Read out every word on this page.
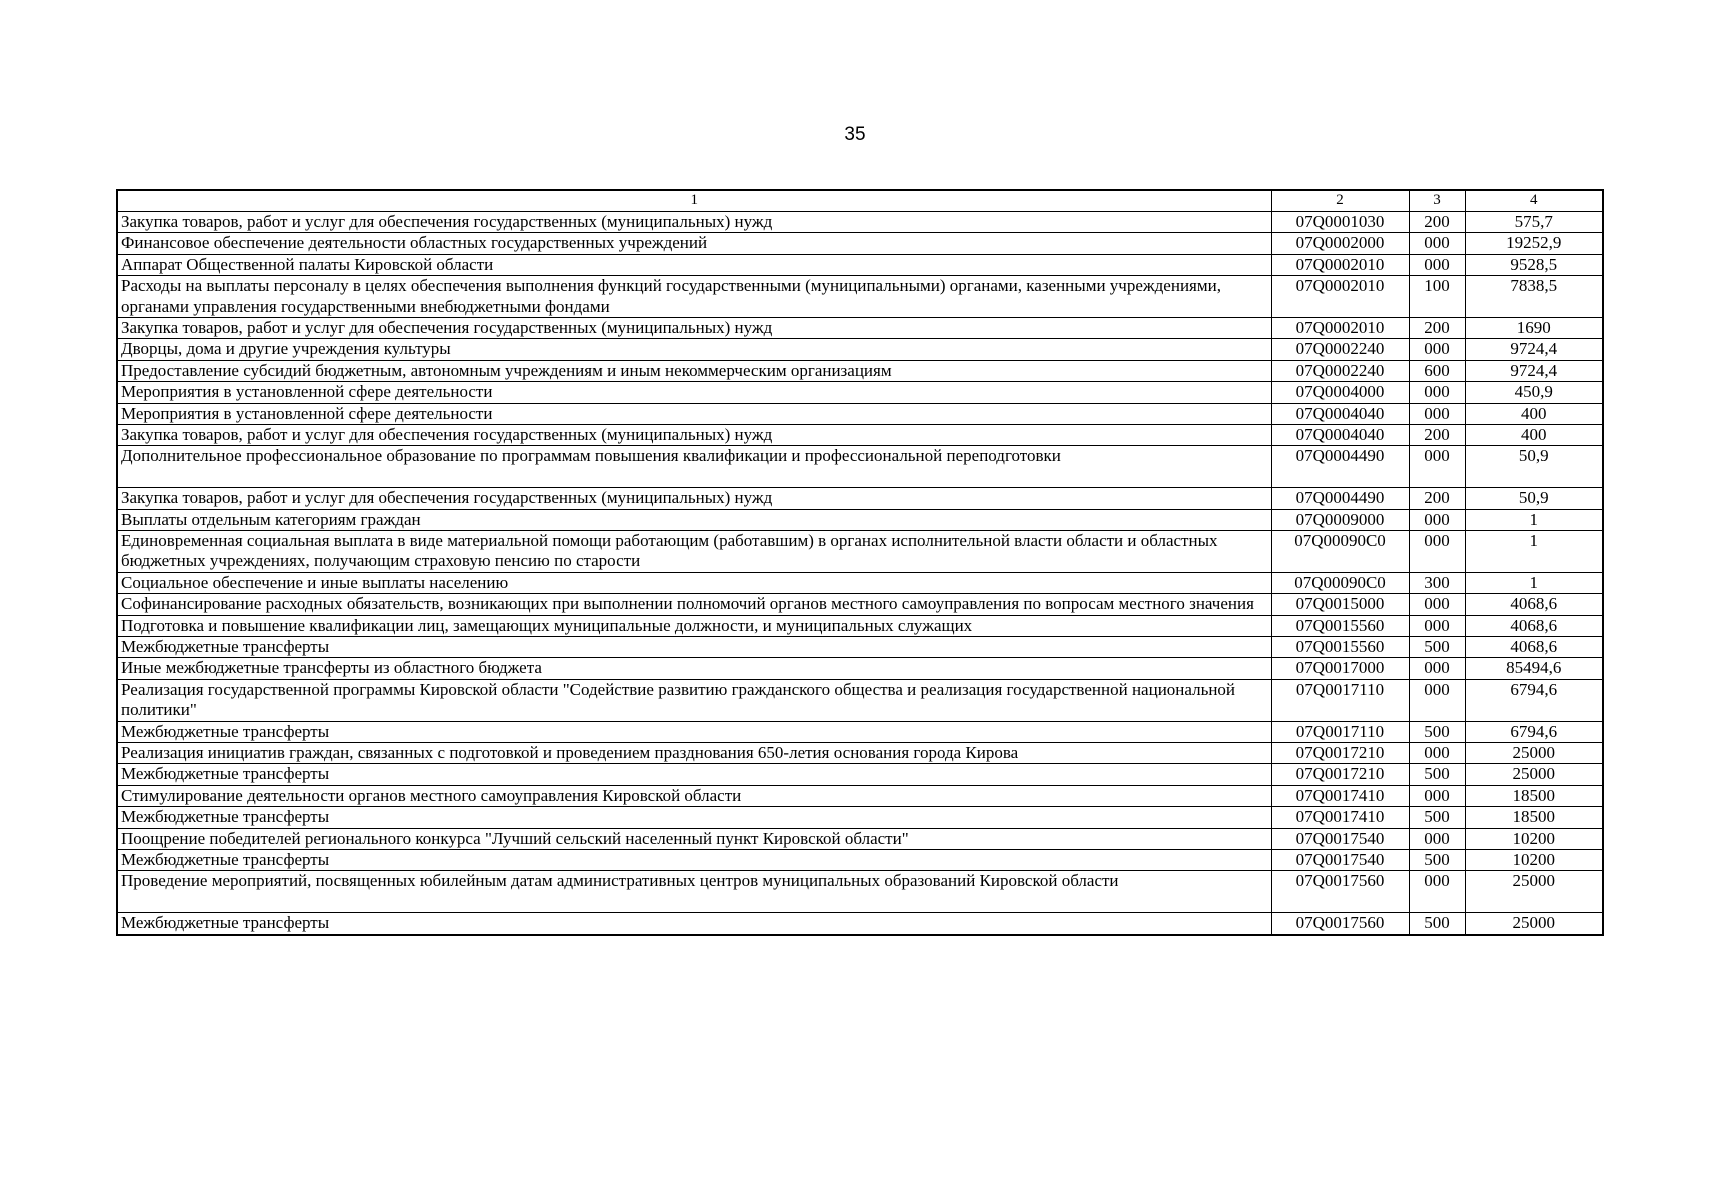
35
1	2	3	4
Закупка товаров, работ и услуг для обеспечения государственных (муниципальных) нужд	07Q0001030	200	575,7
Финансовое обеспечение деятельности областных государственных учреждений	07Q0002000	000	19252,9
Аппарат Общественной палаты Кировской области	07Q0002010	000	9528,5
Расходы на выплаты персоналу в целях обеспечения выполнения функций государственными (муниципальными) органами, казенными учреждениями, органами управления государственными внебюджетными фондами	07Q0002010	100	7838,5
Закупка товаров, работ и услуг для обеспечения государственных (муниципальных) нужд	07Q0002010	200	1690
Дворцы, дома и другие учреждения культуры	07Q0002240	000	9724,4
Предоставление субсидий бюджетным, автономным учреждениям и иным некоммерческим организациям	07Q0002240	600	9724,4
Мероприятия в установленной сфере деятельности	07Q0004000	000	450,9
Мероприятия в установленной сфере деятельности	07Q0004040	000	400
Закупка товаров, работ и услуг для обеспечения государственных (муниципальных) нужд	07Q0004040	200	400
Дополнительное профессиональное образование по программам повышения квалификации и профессиональной переподготовки	07Q0004490	000	50,9
Закупка товаров, работ и услуг для обеспечения государственных (муниципальных) нужд	07Q0004490	200	50,9
Выплаты отдельным категориям граждан	07Q0009000	000	1
Единовременная социальная выплата в виде материальной помощи работающим (работавшим) в органах исполнительной власти области и областных бюджетных учреждениях, получающим страховую пенсию по старости	07Q00090C0	000	1
Социальное обеспечение и иные выплаты населению	07Q00090C0	300	1
Софинансирование расходных обязательств, возникающих при выполнении полномочий органов местного самоуправления по вопросам местного значения	07Q0015000	000	4068,6
Подготовка и повышение квалификации лиц, замещающих муниципальные должности, и муниципальных служащих	07Q0015560	000	4068,6
Межбюджетные трансферты	07Q0015560	500	4068,6
Иные межбюджетные трансферты из областного бюджета	07Q0017000	000	85494,6
Реализация государственной программы Кировской области "Содействие развитию гражданского общества и реализация государственной национальной политики"	07Q0017110	000	6794,6
Межбюджетные трансферты	07Q0017110	500	6794,6
Реализация инициатив граждан, связанных с подготовкой и проведением празднования 650-летия основания города Кирова	07Q0017210	000	25000
Межбюджетные трансферты	07Q0017210	500	25000
Стимулирование деятельности органов местного самоуправления Кировской области	07Q0017410	000	18500
Межбюджетные трансферты	07Q0017410	500	18500
Поощрение победителей регионального конкурса "Лучший сельский населенный пункт Кировской области"	07Q0017540	000	10200
Межбюджетные трансферты	07Q0017540	500	10200
Проведение мероприятий, посвященных юбилейным датам административных центров муниципальных образований Кировской области	07Q0017560	000	25000
Межбюджетные трансферты	07Q0017560	500	25000
